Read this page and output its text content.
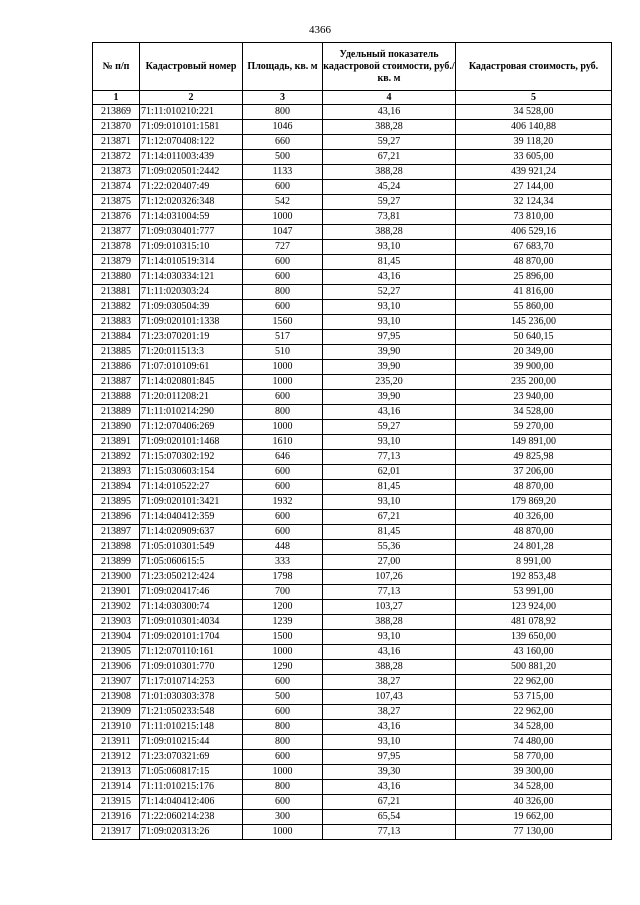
4366
№ п/п	Кадастровый номер	Площадь, кв. м	Удельный показатель кадастровой стоимости, руб./кв. м	Кадастровая стоимость, руб.
1	2	3	4	5
213869	71:11:010210:221	800	43,16	34 528,00
213870	71:09:010101:1581	1046	388,28	406 140,88
213871	71:12:070408:122	660	59,27	39 118,20
213872	71:14:011003:439	500	67,21	33 605,00
213873	71:09:020501:2442	1133	388,28	439 921,24
213874	71:22:020407:49	600	45,24	27 144,00
213875	71:12:020326:348	542	59,27	32 124,34
213876	71:14:031004:59	1000	73,81	73 810,00
213877	71:09:030401:777	1047	388,28	406 529,16
213878	71:09:010315:10	727	93,10	67 683,70
213879	71:14:010519:314	600	81,45	48 870,00
213880	71:14:030334:121	600	43,16	25 896,00
213881	71:11:020303:24	800	52,27	41 816,00
213882	71:09:030504:39	600	93,10	55 860,00
213883	71:09:020101:1338	1560	93,10	145 236,00
213884	71:23:070201:19	517	97,95	50 640,15
213885	71:20:011513:3	510	39,90	20 349,00
213886	71:07:010109:61	1000	39,90	39 900,00
213887	71:14:020801:845	1000	235,20	235 200,00
213888	71:20:011208:21	600	39,90	23 940,00
213889	71:11:010214:290	800	43,16	34 528,00
213890	71:12:070406:269	1000	59,27	59 270,00
213891	71:09:020101:1468	1610	93,10	149 891,00
213892	71:15:070302:192	646	77,13	49 825,98
213893	71:15:030603:154	600	62,01	37 206,00
213894	71:14:010522:27	600	81,45	48 870,00
213895	71:09:020101:3421	1932	93,10	179 869,20
213896	71:14:040412:359	600	67,21	40 326,00
213897	71:14:020909:637	600	81,45	48 870,00
213898	71:05:010301:549	448	55,36	24 801,28
213899	71:05:060615:5	333	27,00	8 991,00
213900	71:23:050212:424	1798	107,26	192 853,48
213901	71:09:020417:46	700	77,13	53 991,00
213902	71:14:030300:74	1200	103,27	123 924,00
213903	71:09:010301:4034	1239	388,28	481 078,92
213904	71:09:020101:1704	1500	93,10	139 650,00
213905	71:12:070110:161	1000	43,16	43 160,00
213906	71:09:010301:770	1290	388,28	500 881,20
213907	71:17:010714:253	600	38,27	22 962,00
213908	71:01:030303:378	500	107,43	53 715,00
213909	71:21:050233:548	600	38,27	22 962,00
213910	71:11:010215:148	800	43,16	34 528,00
213911	71:09:010215:44	800	93,10	74 480,00
213912	71:23:070321:69	600	97,95	58 770,00
213913	71:05:060817:15	1000	39,30	39 300,00
213914	71:11:010215:176	800	43,16	34 528,00
213915	71:14:040412:406	600	67,21	40 326,00
213916	71:22:060214:238	300	65,54	19 662,00
213917	71:09:020313:26	1000	77,13	77 130,00
